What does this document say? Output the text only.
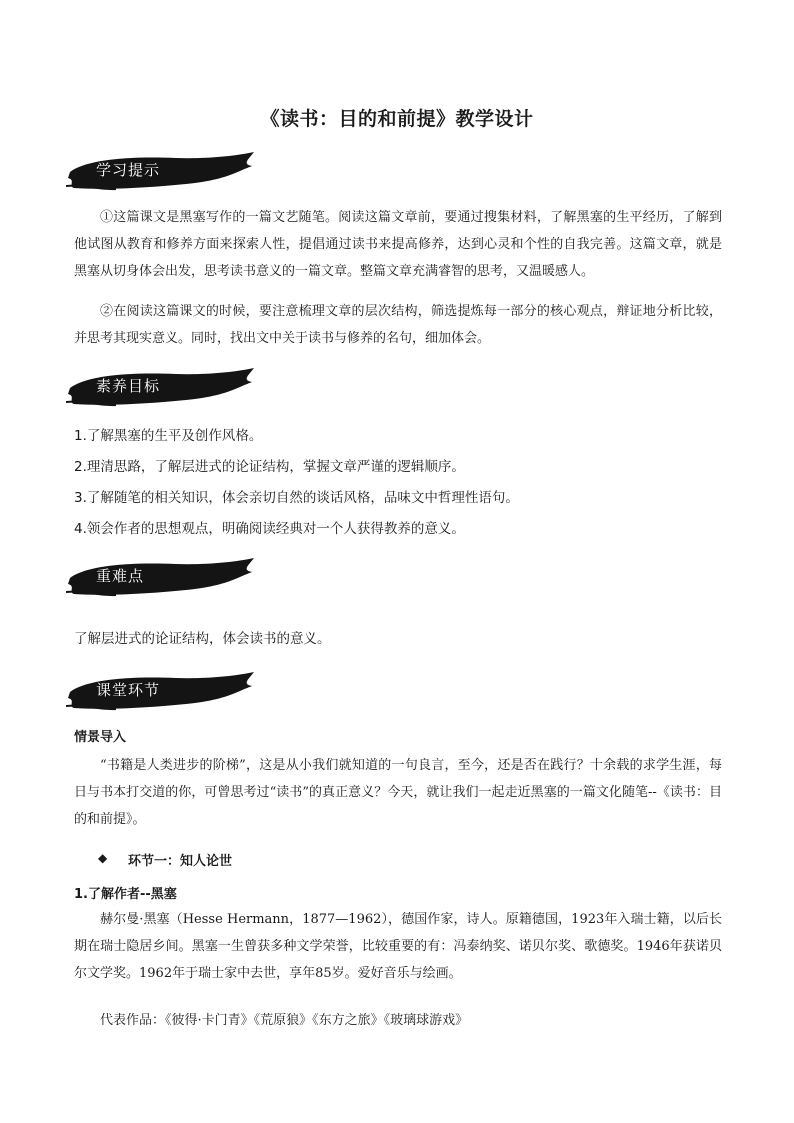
《读书：目的和前提》教学设计
学习提示
①这篇课文是黑塞写作的一篇文艺随笔。阅读这篇文章前，要通过搜集材料，了解黑塞的生平经历，了解到他试图从教育和修养方面来探索人性，提倡通过读书来提高修养，达到心灵和个性的自我完善。这篇文章，就是黑塞从切身体会出发，思考读书意义的一篇文章。整篇文章充满睿智的思考，又温暖感人。
②在阅读这篇课文的时候，要注意梳理文章的层次结构，筛选提炼每一部分的核心观点，辩证地分析比较，并思考其现实意义。同时，找出文中关于读书与修养的名句，细加体会。
素养目标
1.了解黑塞的生平及创作风格。
2.理清思路，了解层进式的论证结构，掌握文章严谨的逻辑顺序。
3.了解随笔的相关知识，体会亲切自然的谈话风格，品味文中哲理性语句。
4.领会作者的思想观点，明确阅读经典对一个人获得教养的意义。
重难点
了解层进式的论证结构，体会读书的意义。
课堂环节
情景导入
“书籍是人类进步的阶梯”，这是从小我们就知道的一句良言，至今，还是否在践行？十余载的求学生涯，每日与书本打交道的你，可曾思考过“读书”的真正意义？今天，就让我们一起走近黑塞的一篇文化随笔--《读书：目的和前提》。
◆ 环节一：知人论世
1.了解作者--黑塞
赫尔曼·黑塞（Hesse Hermann，1877—1962），德国作家，诗人。原籍德国，1923年入瑞士籍，以后长期在瑞士隐居乡间。黑塞一生曾获多种文学荣誉，比较重要的有：冯泰纳奖、诺贝尔奖、歌德奖。1946年获诺贝尔文学奖。1962年于瑞士家中去世，享年85岁。爱好音乐与绘画。
代表作品：《彼得·卡门青》《荒原狼》《东方之旅》《玻璃球游戏》
